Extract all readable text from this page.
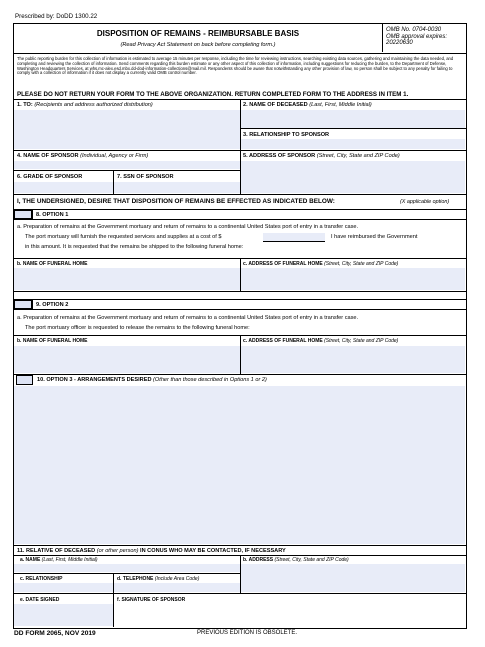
Prescribed by: DoDD 1300.22
DISPOSITION OF REMAINS - REIMBURSABLE BASIS
(Read Privacy Act Statement on back before completing form.)
OMB No. 0704-0030
OMB approval expires:
20220630
The public reporting burden for this collection of information is estimated to average 15 minutes per response, including the time for reviewing instructions, searching existing data sources, gathering and maintaining the data needed, and completing and reviewing the collection of information. Send comments regarding this burden estimate or any other aspect of this collection of information, including suggestions for reducing the burden, to the Department of Defense, Washington Headquarters Services, at whs.mc-alex.esd.mbx.dd-dod-information-collections@mail.mil. Respondents should be aware that notwithstanding any other provision of law, no person shall be subject to any penalty for failing to comply with a collection of information if it does not display a currently valid OMB control number.
PLEASE DO NOT RETURN YOUR FORM TO THE ABOVE ORGANIZATION. RETURN COMPLETED FORM TO THE ADDRESS IN ITEM 1.
1. TO: (Recipients and address authorized distribution)	2. NAME OF DECEASED (Last, First, Middle Initial)
3. RELATIONSHIP TO SPONSOR
4. NAME OF SPONSOR (Individual, Agency or Firm)	5. ADDRESS OF SPONSOR (Street, City, State and ZIP Code)
6. GRADE OF SPONSOR	7. SSN OF SPONSOR
I, THE UNDERSIGNED, DESIRE THAT DISPOSITION OF REMAINS BE EFFECTED AS INDICATED BELOW:	(X applicable option)
8. OPTION 1
a. Preparation of remains at the Government mortuary and return of remains to a continental United States port of entry in a transfer case.
The port mortuary will furnish the requested services and supplies at a cost of $	I have reimbursed the Government
in this amount. It is requested that the remains be shipped to the following funeral home:
b. NAME OF FUNERAL HOME	c. ADDRESS OF FUNERAL HOME (Street, City, State and ZIP Code)
9. OPTION 2
a. Preparation of remains at the Government mortuary and return of remains to a continental United States port of entry in a transfer case.
The port mortuary officer is requested to release the remains to the following funeral home:
b. NAME OF FUNERAL HOME	c. ADDRESS OF FUNERAL HOME (Street, City, State and ZIP Code)
10. OPTION 3 - ARRANGEMENTS DESIRED (Other than those described in Options 1 or 2)
11. RELATIVE OF DECEASED (or other person) IN CONUS WHO MAY BE CONTACTED, IF NECESSARY
a. NAME (Last, First, Middle Initial)	b. ADDRESS (Street, City, State and ZIP Code)
c. RELATIONSHIP	d. TELEPHONE (Include Area Code)
e. DATE SIGNED	f. SIGNATURE OF SPONSOR
DD FORM 2065, NOV 2019	PREVIOUS EDITION IS OBSOLETE.
